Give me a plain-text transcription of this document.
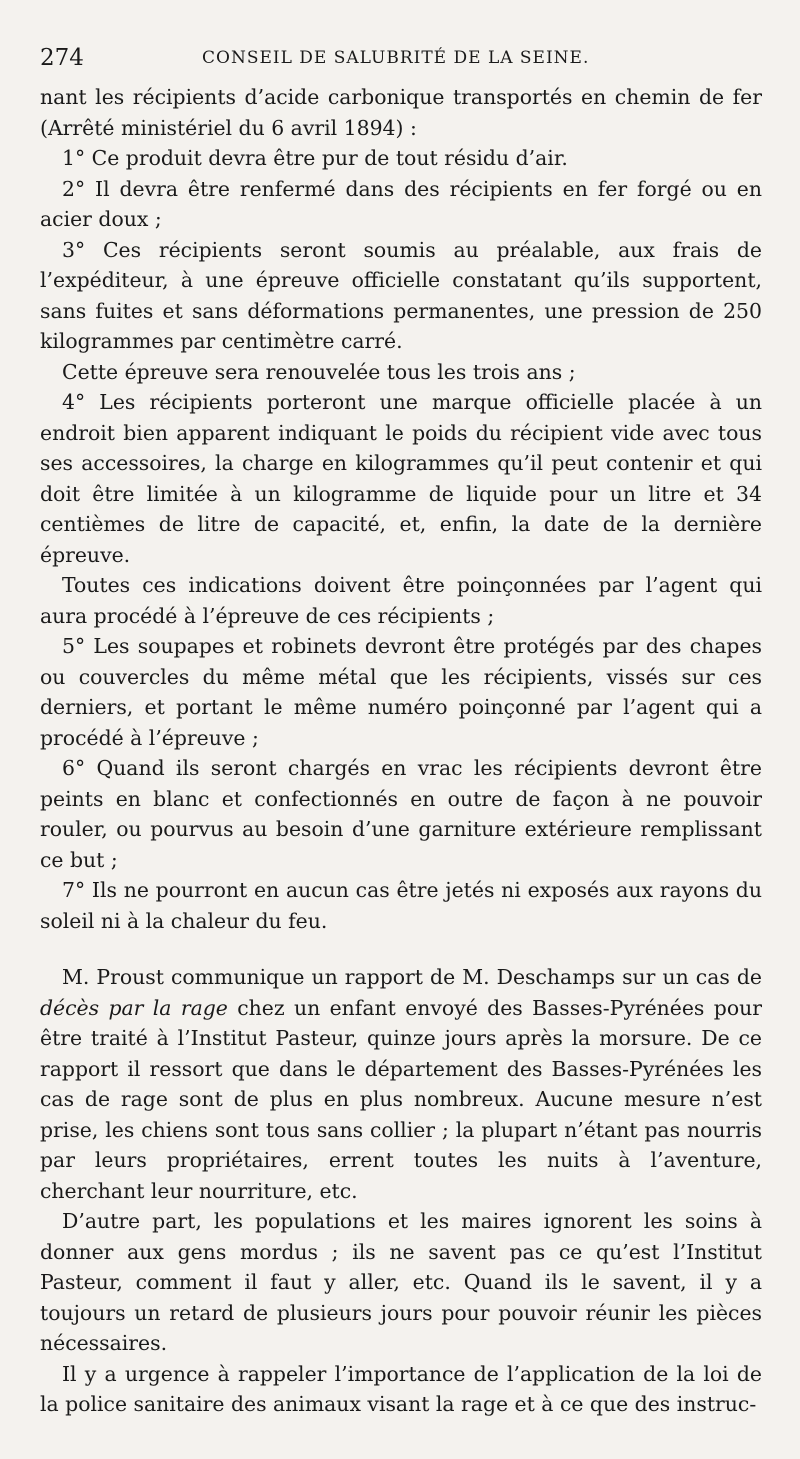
274	CONSEIL DE SALUBRITÉ DE LA SEINE.

nant les récipients d’acide carbonique transportés en chemin de fer (Arrêté ministériel du 6 avril 1894) :

1° Ce produit devra être pur de tout résidu d’air.

2° Il devra être renfermé dans des récipients en fer forgé ou en acier doux ;

3° Ces récipients seront soumis au préalable, aux frais de l’expéditeur, à une épreuve officielle constatant qu’ils supportent, sans fuites et sans déformations permanentes, une pression de 250 kilogrammes par centimètre carré.

Cette épreuve sera renouvelée tous les trois ans ;

4° Les récipients porteront une marque officielle placée à un endroit bien apparent indiquant le poids du récipient vide avec tous ses accessoires, la charge en kilogrammes qu’il peut contenir et qui doit être limitée à un kilogramme de liquide pour un litre et 34 centièmes de litre de capacité, et, enfin, la date de la dernière épreuve.

Toutes ces indications doivent être poinçonnées par l’agent qui aura procédé à l’épreuve de ces récipients ;

5° Les soupapes et robinets devront être protégés par des chapes ou couvercles du même métal que les récipients, vissés sur ces derniers, et portant le même numéro poinçonné par l’agent qui a procédé à l’épreuve ;

6° Quand ils seront chargés en vrac les récipients devront être peints en blanc et confectionnés en outre de façon à ne pouvoir rouler, ou pourvus au besoin d’une garniture extérieure remplissant ce but ;

7° Ils ne pourront en aucun cas être jetés ni exposés aux rayons du soleil ni à la chaleur du feu.

M. Proust communique un rapport de M. Deschamps sur un cas de décès par la rage chez un enfant envoyé des Basses-Pyrénées pour être traité à l’Institut Pasteur, quinze jours après la morsure. De ce rapport il ressort que dans le département des Basses-Pyrénées les cas de rage sont de plus en plus nombreux. Aucune mesure n’est prise, les chiens sont tous sans collier ; la plupart n’étant pas nourris par leurs propriétaires, errent toutes les nuits à l’aventure, cherchant leur nourriture, etc.

D’autre part, les populations et les maires ignorent les soins à donner aux gens mordus ; ils ne savent pas ce qu’est l’Institut Pasteur, comment il faut y aller, etc. Quand ils le savent, il y a toujours un retard de plusieurs jours pour pouvoir réunir les pièces nécessaires.

Il y a urgence à rappeler l’importance de l’application de la loi de la police sanitaire des animaux visant la rage et à ce que des instruc-
